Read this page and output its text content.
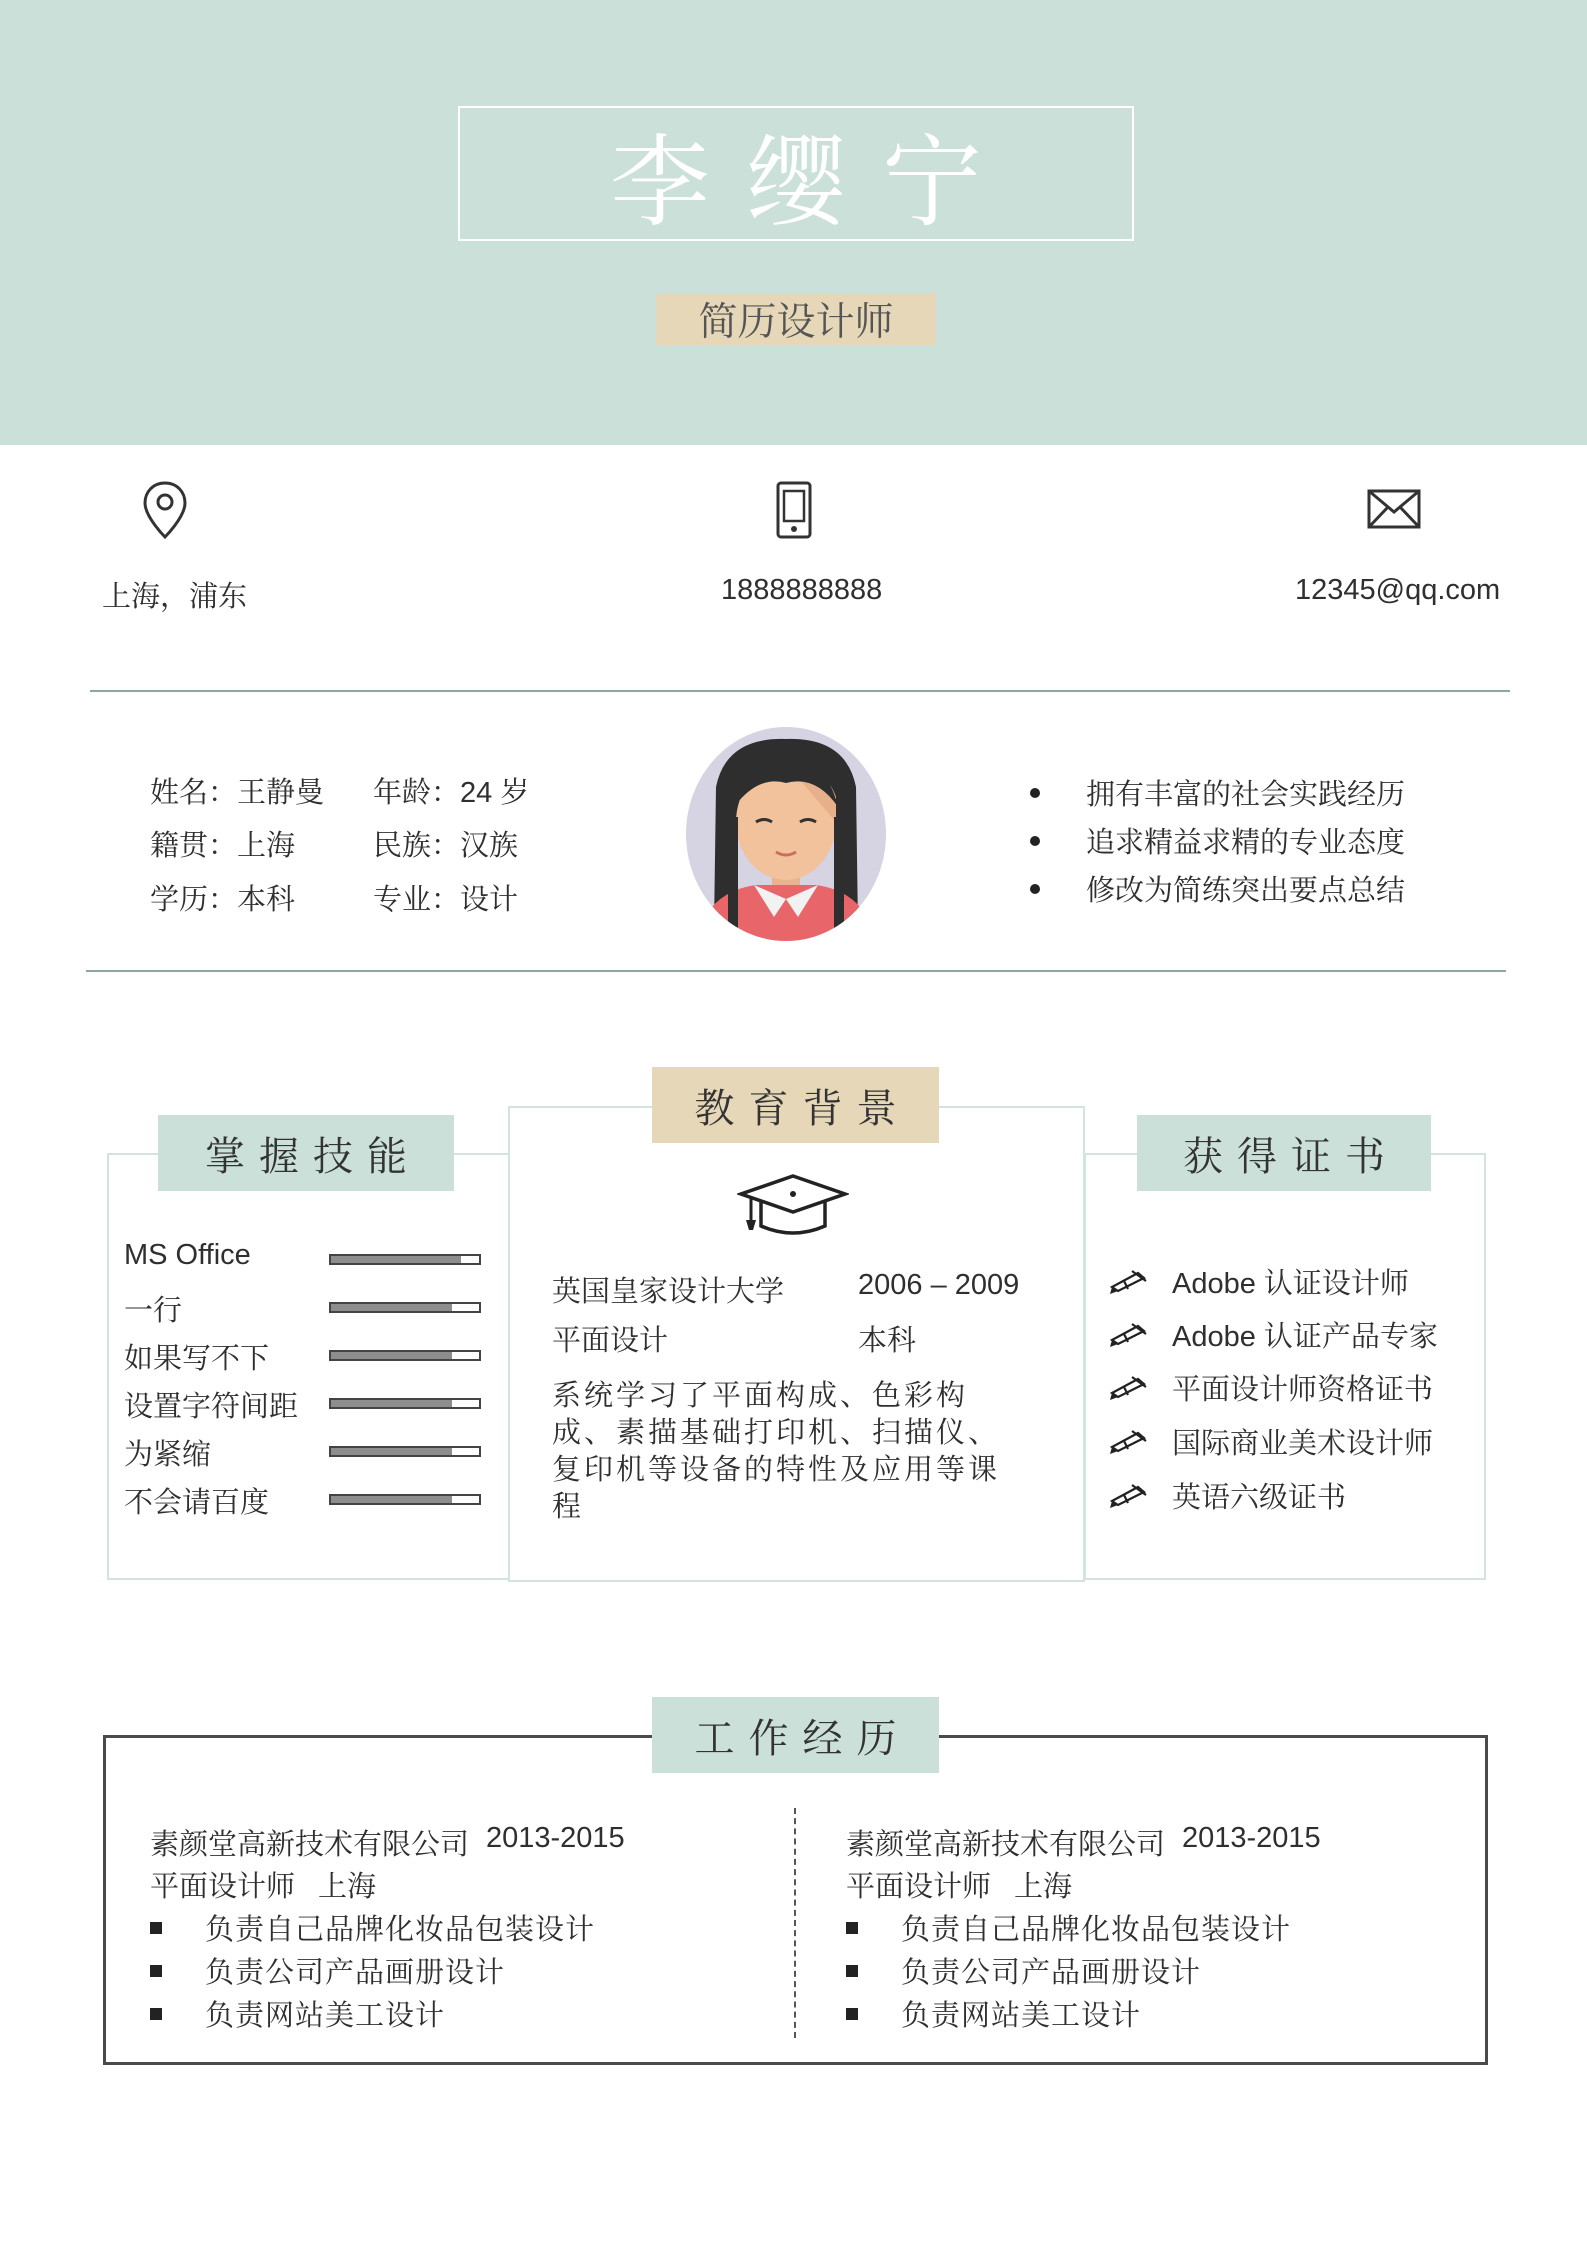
李缨宁
简历设计师
上海，浦东	1888888888	12345@qq.com
姓名：王静曼 年龄：24 岁
籍贯：上海	民族：汉族
学历：本科	专业：设计
拥有丰富的社会实践经历
追求精益求精的专业态度
修改为简练突出要点总结
掌握技能
教育背景
获得证书
MS Office
一行
如果写不下
设置字符间距
为紧缩
不会请百度
英国皇家设计大学	2006 – 2009
平面设计	本科
系统学习了平面构成、色彩构成、素描基础打印机、扫描仪、复印机等设备的特性及应用等课程
Adobe 认证设计师
Adobe 认证产品专家
平面设计师资格证书
国际商业美术设计师
英语六级证书
工作经历
素颜堂高新技术有限公司 2013-2015
平面设计师 上海
负责自己品牌化妆品包装设计
负责公司产品画册设计
负责网站美工设计
素颜堂高新技术有限公司 2013-2015
平面设计师 上海
负责自己品牌化妆品包装设计
负责公司产品画册设计
负责网站美工设计
